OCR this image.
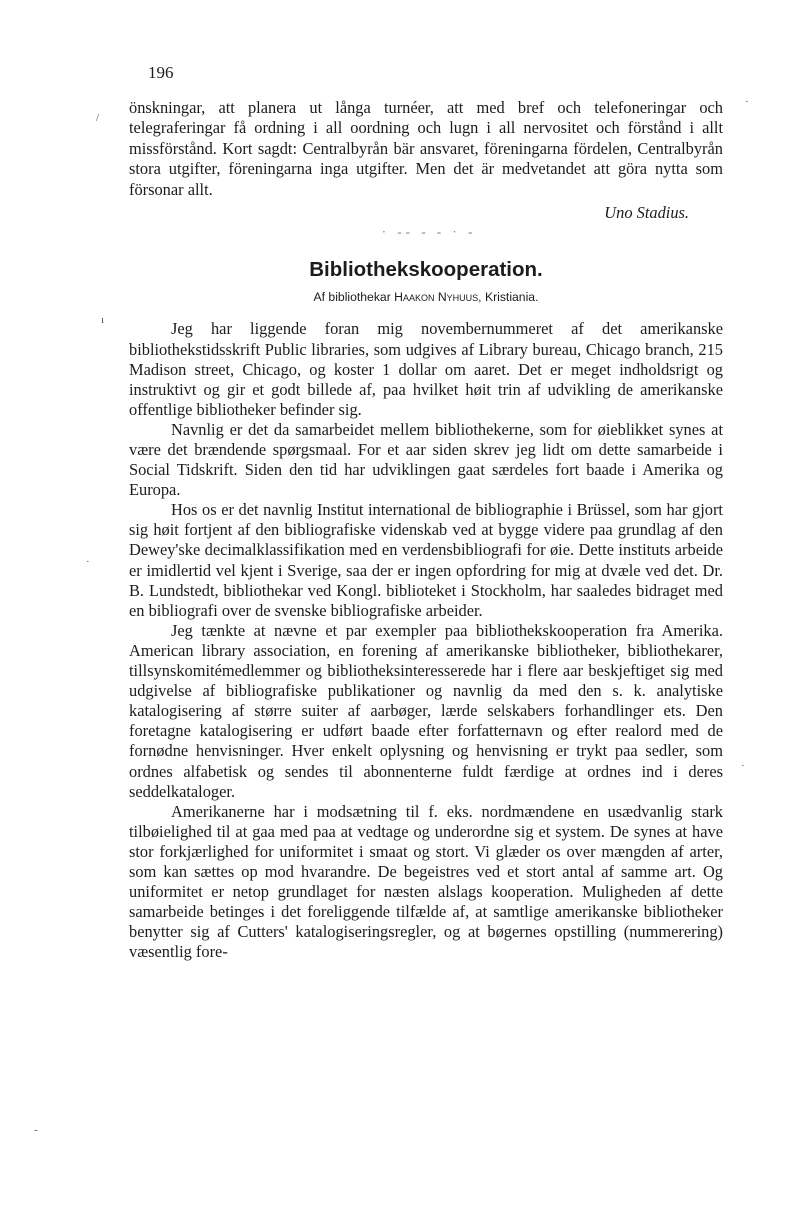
/
·
ı
·
·
-
196

önskningar, att planera ut långa turnéer, att med bref och telefoneringar och telegraferingar få ordning i all oordning och lugn i all nervositet och förstånd i allt missförstånd. Kort sagdt: Centralbyrån bär ansvaret, föreningarna fördelen, Centralbyrån stora utgifter, föreningarna inga utgifter. Men det är medvetandet att göra nytta som försonar allt.

Uno Stadius.
· -- - - · -
Bibliothekskooperation.
Af bibliothekar Haakon Nyhuus, Kristiania.

Jeg har liggende foran mig novembernummeret af det amerikanske bibliothekstidsskrift Public libraries, som udgives af Library bureau, Chicago branch, 215 Madison street, Chicago, og koster 1 dollar om aaret. Det er meget indholdsrigt og instruktivt og gir et godt billede af, paa hvilket høit trin af udvikling de amerikanske offentlige bibliotheker befinder sig.

Navnlig er det da samarbeidet mellem bibliothekerne, som for øieblikket synes at være det brændende spørgsmaal. For et aar siden skrev jeg lidt om dette samarbeide i Social Tidskrift. Siden den tid har udviklingen gaat særdeles fort baade i Amerika og Europa.

Hos os er det navnlig Institut international de bibliographie i Brüssel, som har gjort sig høit fortjent af den bibliografiske videnskab ved at bygge videre paa grundlag af den Dewey'ske decimalklassifikation med en verdensbibliografi for øie. Dette instituts arbeide er imidlertid vel kjent i Sverige, saa der er ingen opfordring for mig at dvæle ved det. Dr. B. Lundstedt, bibliothekar ved Kongl. biblioteket i Stockholm, har saaledes bidraget med en bibliografi over de svenske bibliografiske arbeider.

Jeg tænkte at nævne et par exempler paa bibliothekskooperation fra Amerika. American library association, en forening af amerikanske bibliotheker, bibliothekarer, tillsynskomitémedlemmer og bibliotheksinteresserede har i flere aar beskjeftiget sig med udgivelse af bibliografiske publikationer og navnlig da med den s. k. analytiske katalogisering af større suiter af aarbøger, lærde selskabers forhandlinger ets. Den foretagne katalogisering er udført baade efter forfatternavn og efter realord med de fornødne henvisninger. Hver enkelt oplysning og henvisning er trykt paa sedler, som ordnes alfabetisk og sendes til abonnenterne fuldt færdige at ordnes ind i deres seddelkataloger.

Amerikanerne har i modsætning til f. eks. nordmændene en usædvanlig stark tilbøielighed til at gaa med paa at vedtage og underordne sig et system. De synes at have stor forkjærlighed for uniformitet i smaat og stort. Vi glæder os over mængden af arter, som kan sættes op mod hvarandre. De begeistres ved et stort antal af samme art. Og uniformitet er netop grundlaget for næsten alslags kooperation. Muligheden af dette samarbeide betinges i det foreliggende tilfælde af, at samtlige amerikanske bibliotheker benytter sig af Cutters' katalogiseringsregler, og at bøgernes opstilling (nummerering) væsentlig fore-
